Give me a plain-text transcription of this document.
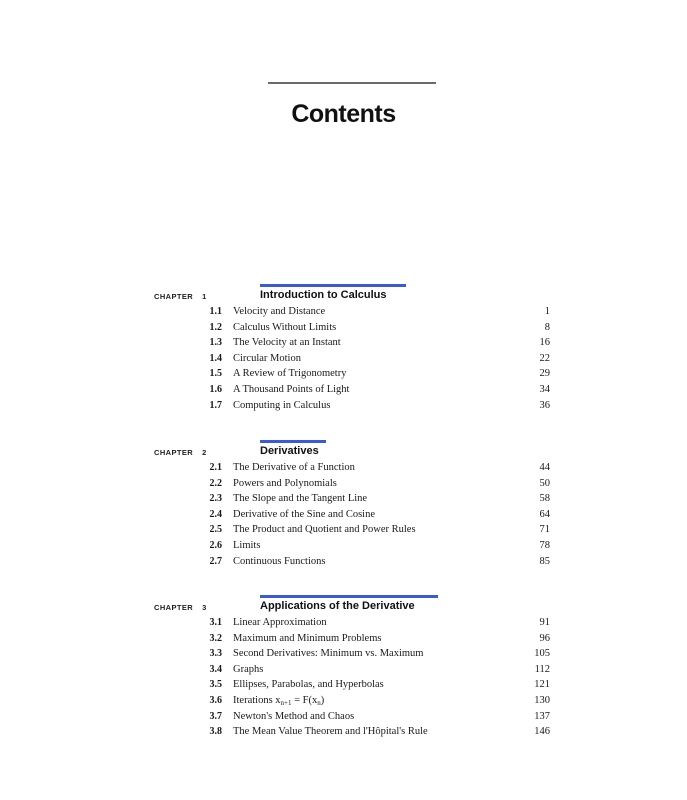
Contents
CHAPTER 1	Introduction to Calculus
1.1 Velocity and Distance	1
1.2 Calculus Without Limits	8
1.3 The Velocity at an Instant	16
1.4 Circular Motion	22
1.5 A Review of Trigonometry	29
1.6 A Thousand Points of Light	34
1.7 Computing in Calculus	36
CHAPTER 2	Derivatives
2.1 The Derivative of a Function	44
2.2 Powers and Polynomials	50
2.3 The Slope and the Tangent Line	58
2.4 Derivative of the Sine and Cosine	64
2.5 The Product and Quotient and Power Rules	71
2.6 Limits	78
2.7 Continuous Functions	85
CHAPTER 3	Applications of the Derivative
3.1 Linear Approximation	91
3.2 Maximum and Minimum Problems	96
3.3 Second Derivatives: Minimum vs. Maximum	105
3.4 Graphs	112
3.5 Ellipses, Parabolas, and Hyperbolas	121
3.6 Iterations $x_{n+1} = F(x_n)$	130
3.7 Newton's Method and Chaos	137
3.8 The Mean Value Theorem and l'Hôpital's Rule	146
